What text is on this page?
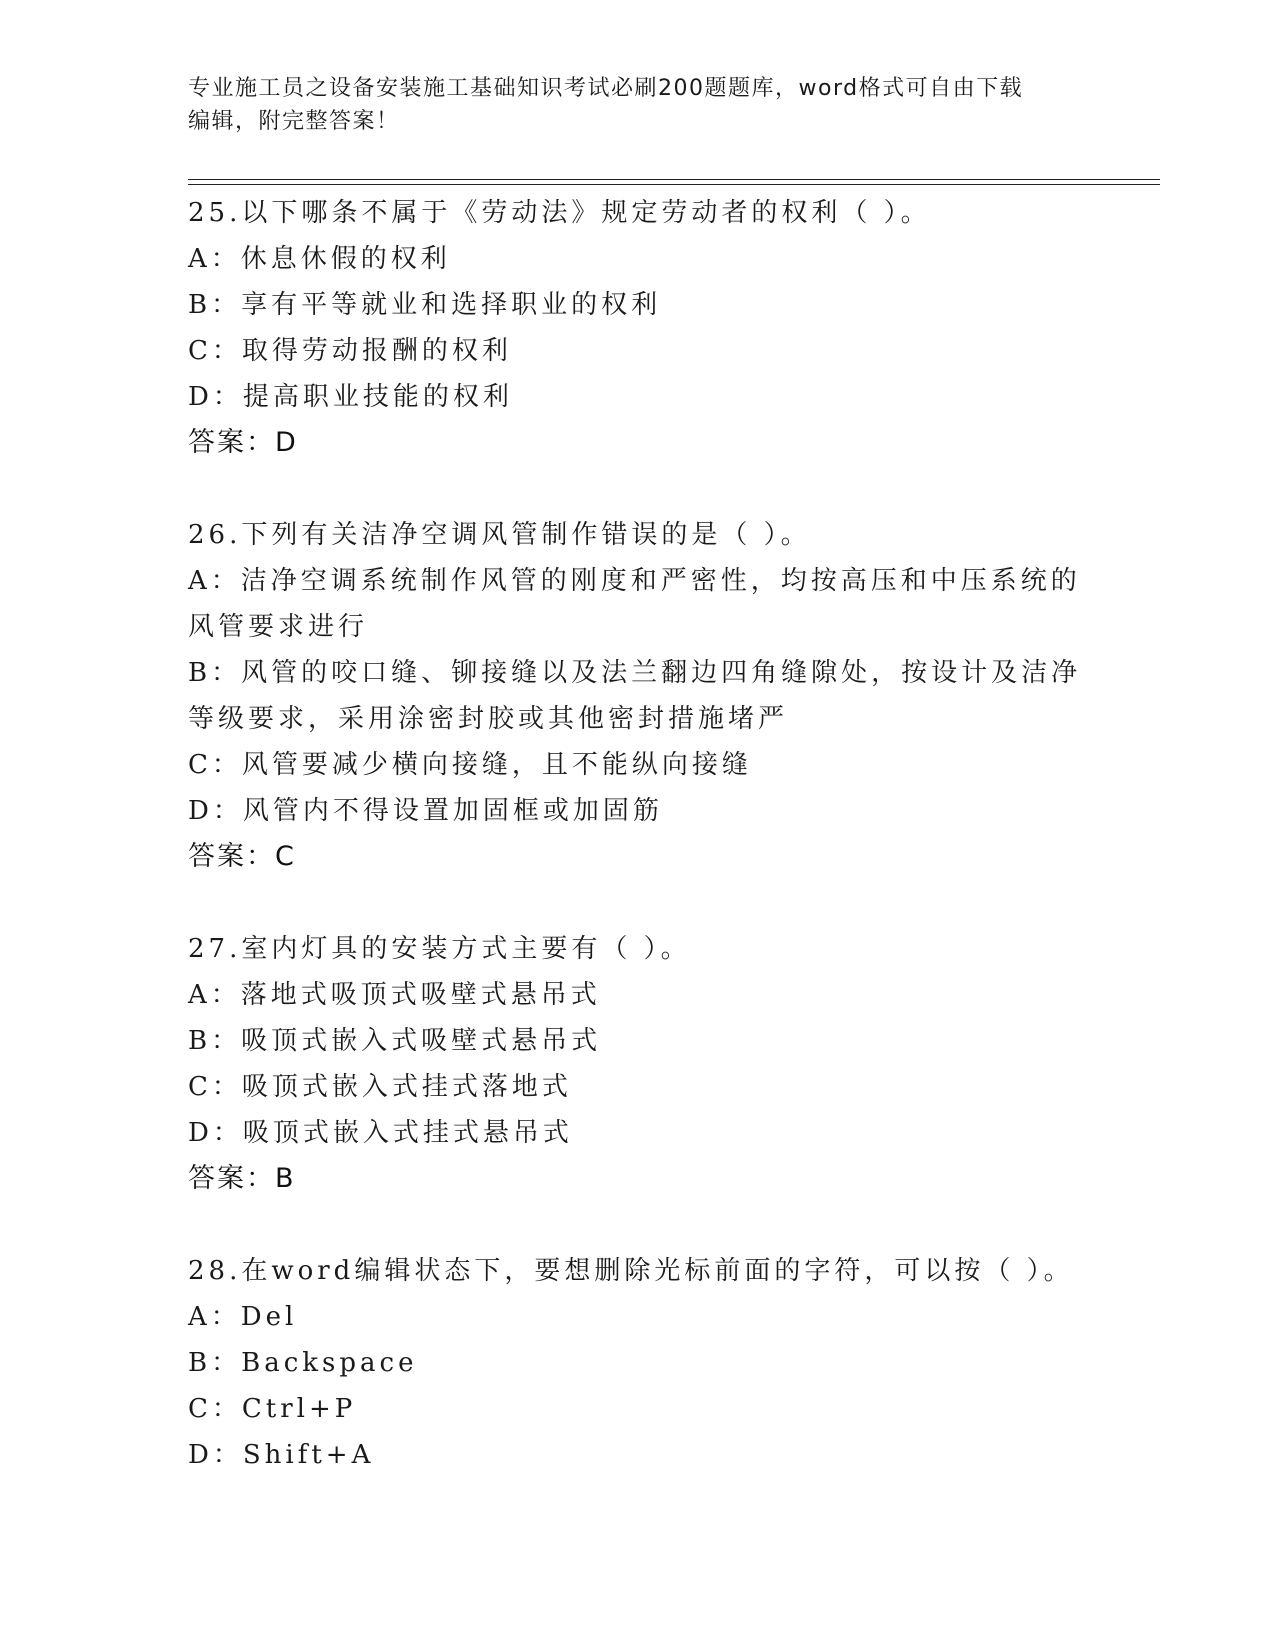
专业施工员之设备安装施工基础知识考试必刷200题题库，word格式可自由下载
编辑，附完整答案！
25.以下哪条不属于《劳动法》规定劳动者的权利（ ）。
A：休息休假的权利
B：享有平等就业和选择职业的权利
C：取得劳动报酬的权利
D：提高职业技能的权利
答案：D
26.下列有关洁净空调风管制作错误的是（ ）。
A：洁净空调系统制作风管的刚度和严密性，均按高压和中压系统的风管要求进行
B：风管的咬口缝、铆接缝以及法兰翻边四角缝隙处，按设计及洁净等级要求，采用涂密封胶或其他密封措施堵严
C：风管要减少横向接缝，且不能纵向接缝
D：风管内不得设置加固框或加固筋
答案：C
27.室内灯具的安装方式主要有（ ）。
A：落地式吸顶式吸壁式悬吊式
B：吸顶式嵌入式吸壁式悬吊式
C：吸顶式嵌入式挂式落地式
D：吸顶式嵌入式挂式悬吊式
答案：B
28.在word编辑状态下，要想删除光标前面的字符，可以按（ ）。
A：Del
B：Backspace
C：Ctrl+P
D：Shift+A
